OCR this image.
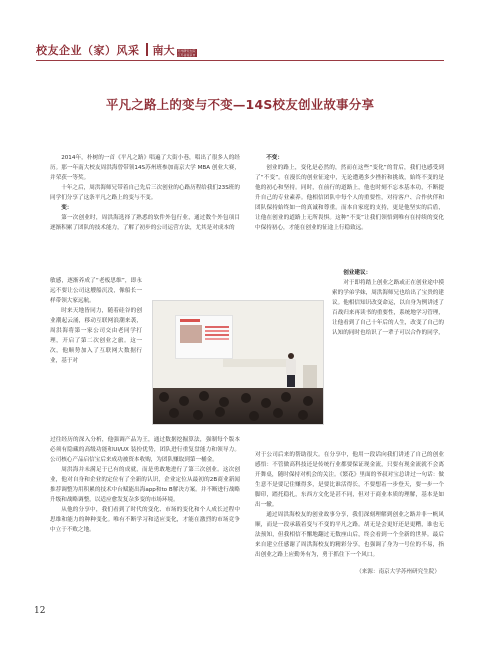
校友企业（家）风采 南大	苏州研究生院
江苏省南京市
平凡之路上的变与不变—14S校友创业故事分享

2014年，朴树的一首《平凡之路》唱遍了大街小巷，唱出了很多人的经历。那一年南大校友周洪海曾带领14S苏州班参加南京大学 MBA 创业大赛，并荣获一等奖。

十年之后，周洪海师兄带着自己先后三次创业的心路历程给我们23S班的同学们分享了这条平凡之路上的变与不变。

变：

第一次创业时，周洪海选择了熟悉的软件外包行业，通过数个外包项目逐渐积累了团队的技术能力，了解了初步的公司运营方法，尤其是对成本的

敏感，逐渐养成了“老板思维”，即永远不要让公司这艘船沉没，像船长一样带领大家远航。

时来天地皆同力，随着硅谷的创业潮起云涌，移动互联网浪潮来袭，周洪海将第一家公司交由老同学打理，开启了第二次创业之旅。这一次，他顺势加入了互联网大数据行业，基于对

过往经历的深入分析，他强调产品为王，通过数据挖掘算法，强制每个版本必须有隐藏的高级功能和UI/UX 装扮优势，团队进行重复盘能力和领导力。公司核心产品启信宝后来成功被资本收购，为团队赚取到第一桶金。

周洪海并未满足于已有的成就，而是勇敢地进行了第三次创业。这次创业，他对自身和企业的定位有了全新的认识，企业定位从最初的2B商业新闻推荐调整为用积累的技术中台赋能出海app和to B解决方案。并不断进行战略升级和战略调整，以适应愈发复杂多变的市场环境。

从他的分享中，我们看到了时代的变化、市场的变化和个人成长过程中思维和能力的种种变化。唯有不断学习和适应变化，才能在激烈的市场竞争中立于不败之地。

不变：

创业的路上，变化是必然的，然而在这些“变化”的背后，我们也感受到了“不变”。在漫长的创业征途中，无论遭遇多少挫折和挑战，始终不变的是他的初心和坚持。同时，在前行的道路上，他也时刻不忘本基本功，不断提升自己的专业素养。他相信团队中每个人的重要性，对待客户、合作伙伴和团队保持始终如一的真诚和尊重。而本自家庭的支持，更是他坚实的后盾，让他在创业的道路上无所畏惧。这种“不变”让我们领悟到唯有在持续的变化中保持初心，才能在创业的征途上行稳致远。

创业建议：

对于即将踏上创业之路或正在创业途中摸索的学弟学妹，周洪海师兄也给出了宝贵的建议。他相信知识改变命运，以自身为例讲述了百战归来再读书的重要性，系统地学习管理，让他看到了自己十年后的人生，改变了自己的认知的同时也给识了一辈子可以合作的同学，

对于公司后来的帮助很大。在分享中，他用一段话向我们讲述了自己的创业感悟：不管做高科技还是传统行业都要保证现金流，只要有现金流就不会离开舞桌，随时保持对机会的关注。《繁花》里面的爷叔对宝总讲过一句话：做生意不是要记住赚得多，是要比谁活得长，不要想着一步登天，要一步一个脚印，踏托稳扎，东西方文化是甚不同，但对于商业本质的理解，基本是如出一辙。

通过周洪海校友的创业故事分享，我们深刻理解到创业之路并非一帆风顺，而是一段承载着变与不变的平凡之路。胡无是会更好还是更糟，谁也无法预知，但我相信不懈地翻过无数座山后，终会看到一个全新的世界。最后来自建立任感谢了周洪海校友的精彩分享，也强调了身为一号位的不易，指出创业之路上应勤务有为，勇于抓住下一个风口。

（来源：南京大学苏州研究生院）
12
